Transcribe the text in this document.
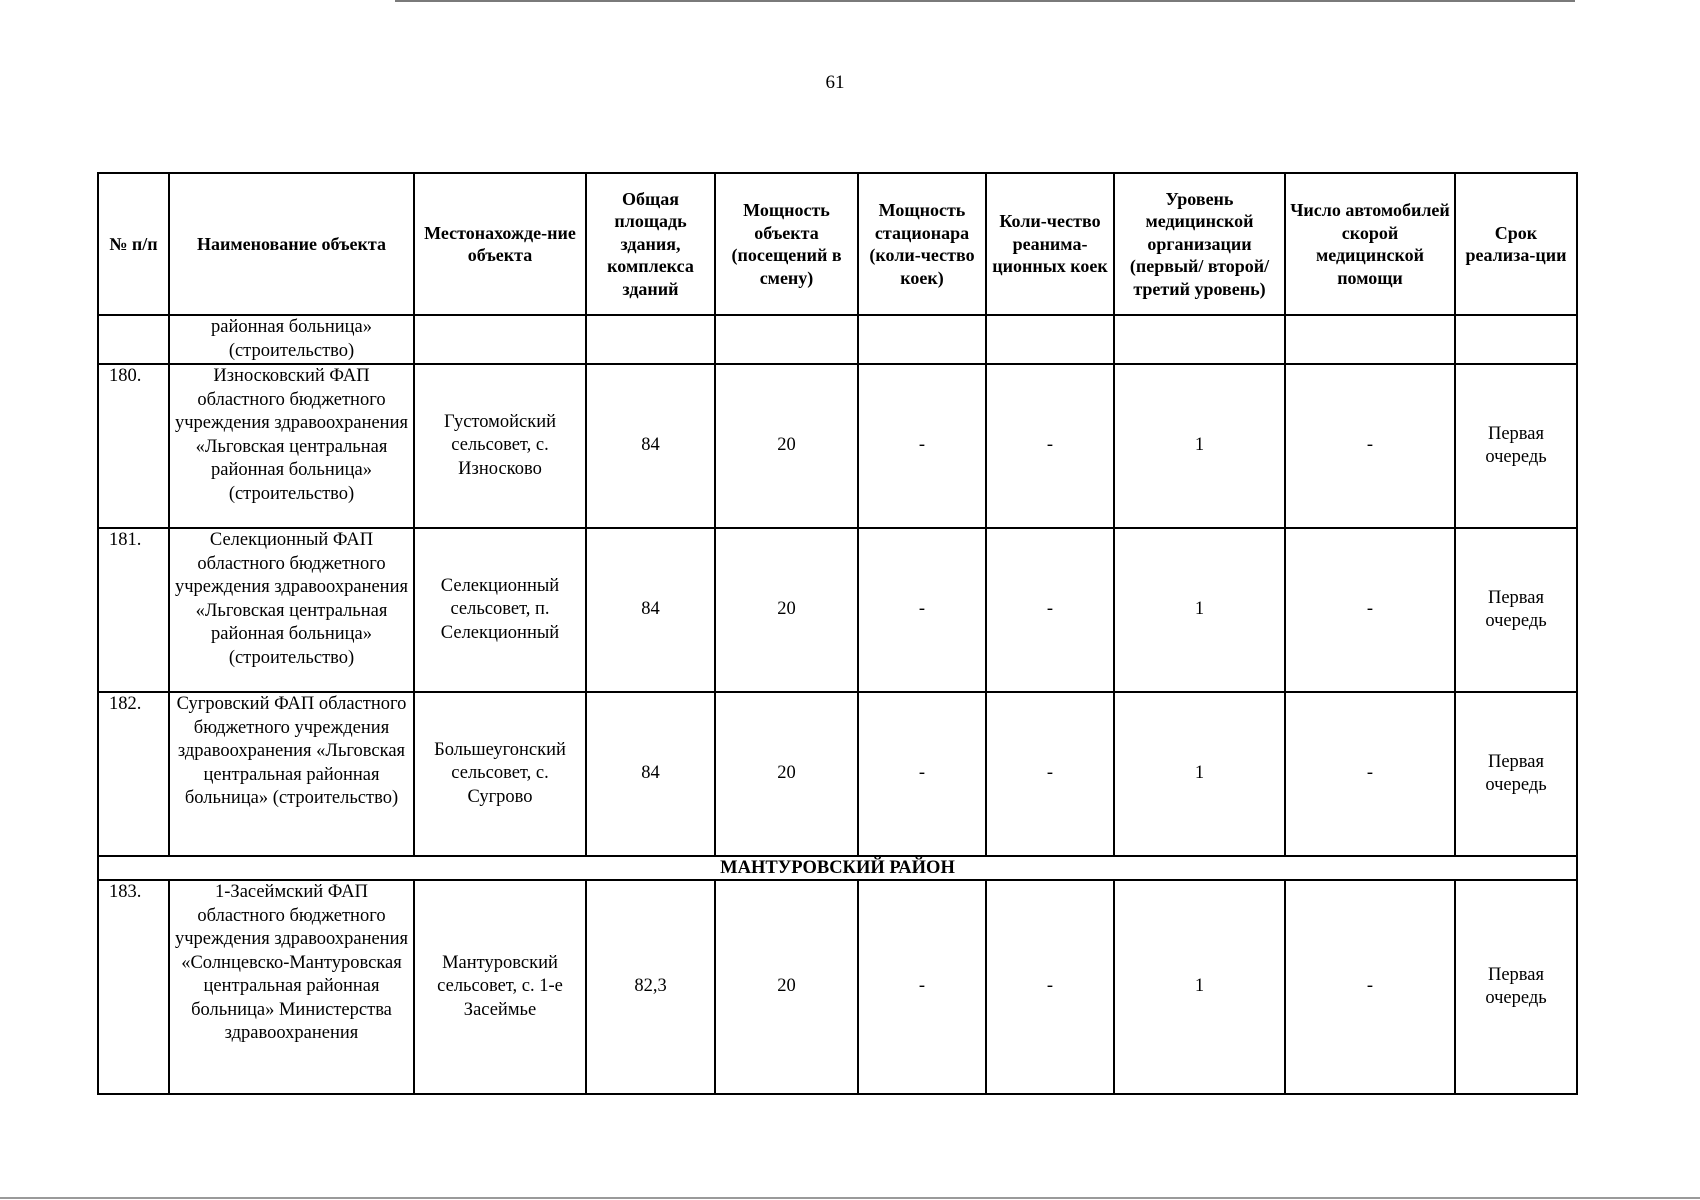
61
№ п/п	Наименование объекта	Местонахожде-ние объекта	Общая площадь здания, комплекса зданий	Мощность объекта (посещений в смену)	Мощность стационара (коли-чество коек)	Коли-чество реанима-ционных коек	Уровень медицинской организации (первый/ второй/ третий уровень)	Число автомобилей скорой медицинской помощи	Срок реализа-ции
	районная больница» (строительство)								
180.	Износковский ФАП областного бюджетного учреждения здравоохранения «Льговская центральная районная больница» (строительство)	Густомойский сельсовет, с. Износково	84	20	-	-	1	-	Первая очередь
181.	Селекционный ФАП областного бюджетного учреждения здравоохранения «Льговская центральная районная больница» (строительство)	Селекционный сельсовет, п. Селекционный	84	20	-	-	1	-	Первая очередь
182.	Сугровский ФАП областного бюджетного учреждения здравоохранения «Льговская центральная районная больница» (строительство)	Большеугонский сельсовет, с. Сугрово	84	20	-	-	1	-	Первая очередь
МАНТУРОВСКИЙ РАЙОН									
183.	1-Засеймский ФАП областного бюджетного учреждения здравоохранения «Солнцевско-Мантуровская центральная районная больница» Министерства здравоохранения	Мантуровский сельсовет, с. 1-е Засеймье	82,3	20	-	-	1	-	Первая очередь
